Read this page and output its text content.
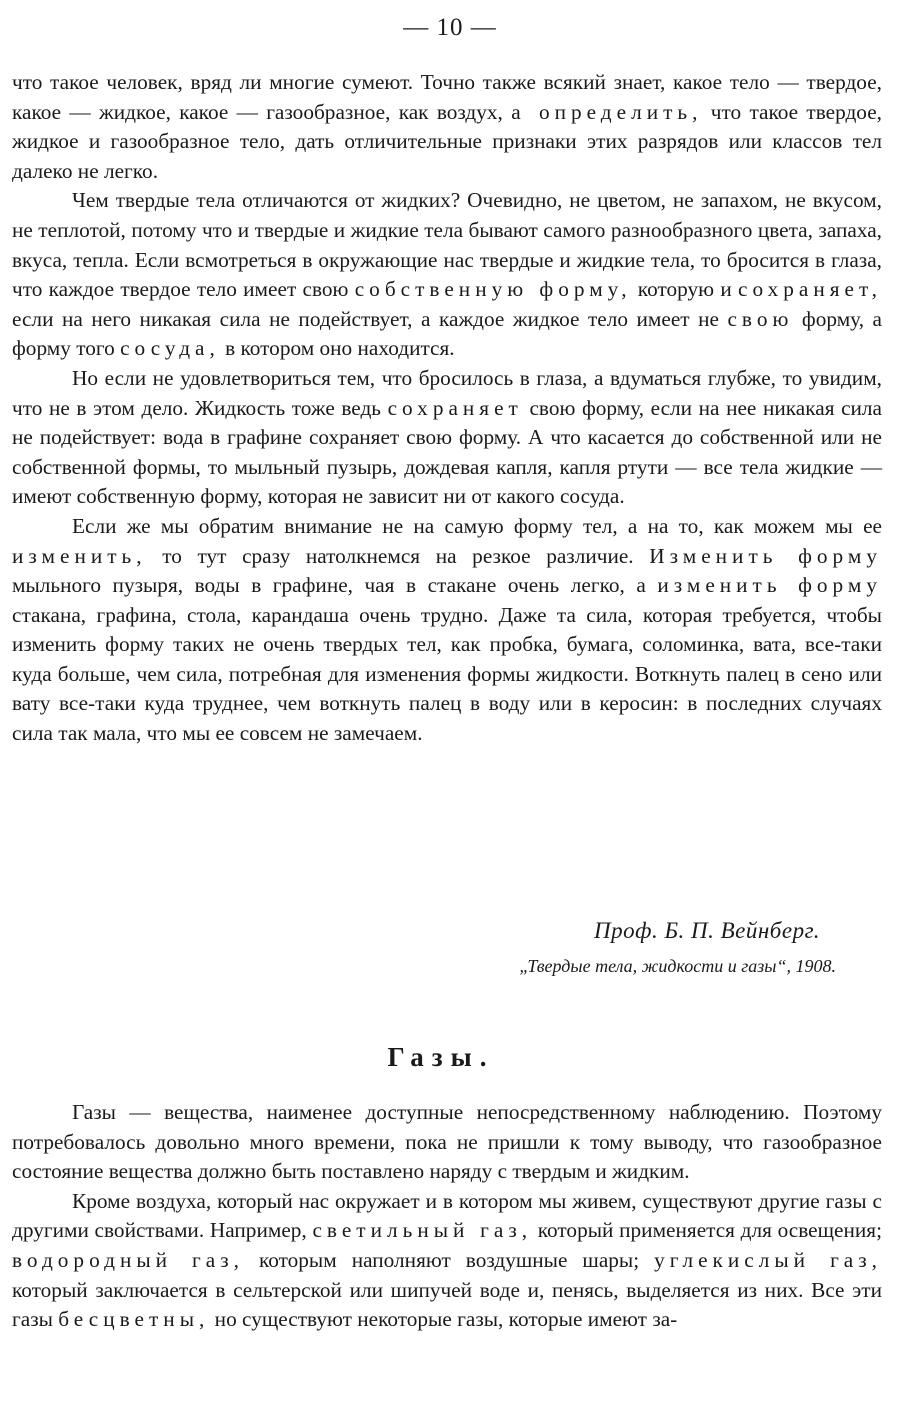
— 10 —

что такое человек, вряд ли многие сумеют. Точно также всякий знает, какое тело — твердое, какое — жидкое, какое — газообразное, как воздух, а определить, что такое твердое, жидкое и газообразное тело, дать отличительные признаки этих разрядов или классов тел далеко не легко.

Чем твердые тела отличаются от жидких? Очевидно, не цветом, не запахом, не вкусом, не теплотой, потому что и твердые и жидкие тела бывают самого разнообразного цвета, запаха, вкуса, тепла. Если всмотреться в окружающие нас твердые и жидкие тела, то бросится в глаза, что каждое твердое тело имеет свою собственную форму, которую и сохраняет, если на него никакая сила не подействует, а каждое жидкое тело имеет не свою форму, а форму того сосуда, в котором оно находится.

Но если не удовлетвориться тем, что бросилось в глаза, а вдуматься глубже, то увидим, что не в этом дело. Жидкость тоже ведь сохраняет свою форму, если на нее никакая сила не подействует: вода в графине сохраняет свою форму. А что касается до собственной или не собственной формы, то мыльный пузырь, дождевая капля, капля ртути — все тела жидкие — имеют собственную форму, которая не зависит ни от какого сосуда.

Если же мы обратим внимание не на самую форму тел, а на то, как можем мы ее изменить, то тут сразу натолкнемся на резкое различие. Изменить форму мыльного пузыря, воды в графине, чая в стакане очень легко, а изменить форму стакана, графина, стола, карандаша очень трудно. Даже та сила, которая требуется, чтобы изменить форму таких не очень твердых тел, как пробка, бумага, соломинка, вата, все-таки куда больше, чем сила, потребная для изменения формы жидкости. Воткнуть палец в сено или вату все-таки куда труднее, чем воткнуть палец в воду или в керосин: в последних случаях сила так мала, что мы ее совсем не замечаем.

Проф. Б. П. Вейнберг.
„Твердые тела, жидкости и газы“, 1908.
Газы.

Газы — вещества, наименее доступные непосредственному наблюдению. Поэтому потребовалось довольно много времени, пока не пришли к тому выводу, что газообразное состояние вещества должно быть поставлено наряду с твердым и жидким.

Кроме воздуха, который нас окружает и в котором мы живем, существуют другие газы с другими свойствами. Например, светильный газ, который применяется для освещения; водородный газ, которым наполняют воздушные шары; углекислый газ, который заключается в сельтерской или шипучей воде и, пенясь, выделяется из них. Все эти газы бесцветны, но существуют некоторые газы, которые имеют за-
